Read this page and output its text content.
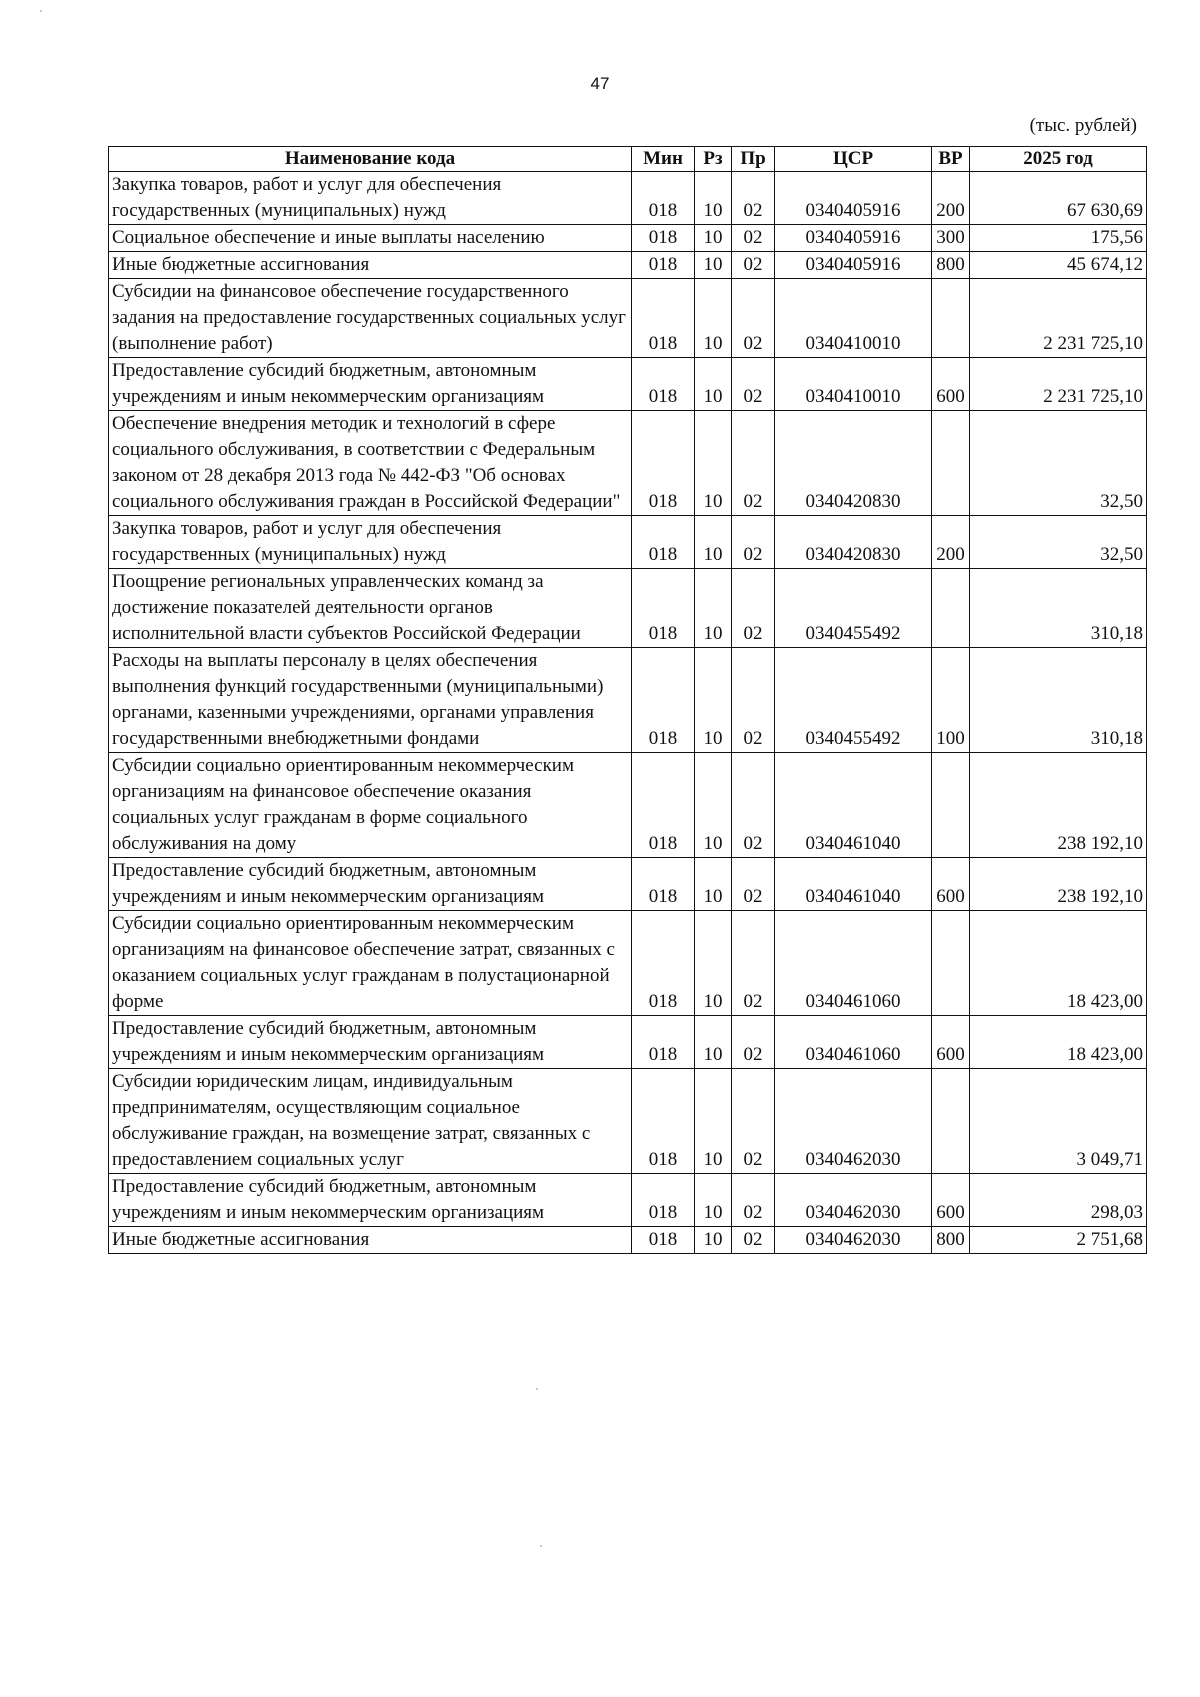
47
(тыс. рублей)
Наименование кода	Мин	Рз	Пр	ЦСР	ВР	2025 год
Закупка товаров, работ и услуг для обеспечения государственных (муниципальных) нужд	018	10	02	0340405916	200	67 630,69
Социальное обеспечение и иные выплаты населению	018	10	02	0340405916	300	175,56
Иные бюджетные ассигнования	018	10	02	0340405916	800	45 674,12
Субсидии на финансовое обеспечение государственного задания на предоставление государственных социальных услуг (выполнение работ)	018	10	02	0340410010		2 231 725,10
Предоставление субсидий бюджетным, автономным учреждениям и иным некоммерческим организациям	018	10	02	0340410010	600	2 231 725,10
Обеспечение внедрения методик и технологий в сфере социального обслуживания, в соответствии с Федеральным законом от 28 декабря 2013 года № 442-ФЗ "Об основах социального обслуживания граждан в Российской Федерации"	018	10	02	0340420830		32,50
Закупка товаров, работ и услуг для обеспечения государственных (муниципальных) нужд	018	10	02	0340420830	200	32,50
Поощрение региональных управленческих команд за достижение показателей деятельности органов исполнительной власти субъектов Российской Федерации	018	10	02	0340455492		310,18
Расходы на выплаты персоналу в целях обеспечения выполнения функций государственными (муниципальными) органами, казенными учреждениями, органами управления государственными внебюджетными фондами	018	10	02	0340455492	100	310,18
Субсидии социально ориентированным некоммерческим организациям на финансовое обеспечение оказания социальных услуг гражданам в форме социального обслуживания на дому	018	10	02	0340461040		238 192,10
Предоставление субсидий бюджетным, автономным учреждениям и иным некоммерческим организациям	018	10	02	0340461040	600	238 192,10
Субсидии социально ориентированным некоммерческим организациям на финансовое обеспечение затрат, связанных с оказанием социальных услуг гражданам в полустационарной форме	018	10	02	0340461060		18 423,00
Предоставление субсидий бюджетным, автономным учреждениям и иным некоммерческим организациям	018	10	02	0340461060	600	18 423,00
Субсидии юридическим лицам, индивидуальным предпринимателям, осуществляющим социальное обслуживание граждан, на возмещение затрат, связанных с предоставлением социальных услуг	018	10	02	0340462030		3 049,71
Предоставление субсидий бюджетным, автономным учреждениям и иным некоммерческим организациям	018	10	02	0340462030	600	298,03
Иные бюджетные ассигнования	018	10	02	0340462030	800	2 751,68
